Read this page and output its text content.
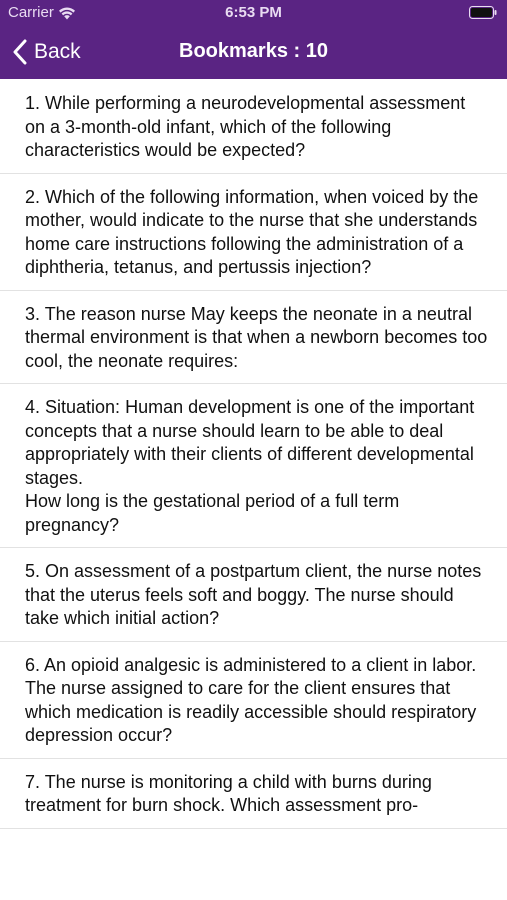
Carrier	6:53 PM
Back	Bookmarks : 10
1. While performing a neurodevelopmental assessment on a 3-month-old infant, which of the following characteristics would be expected?
2. Which of the following information, when voiced by the mother, would indicate to the nurse that she understands home care instructions following the administration of a diphtheria, tetanus, and pertussis injection?
3. The reason nurse May keeps the neonate in a neutral thermal environment is that when a newborn becomes too cool, the neonate requires:
4. Situation: Human development is one of the important concepts that a nurse should learn to be able to deal appropriately with their clients of different developmental stages.
How long is the gestational period of a full term pregnancy?
5. On assessment of a postpartum client, the nurse notes that the uterus feels soft and boggy. The nurse should take which initial action?
6. An opioid analgesic is administered to a client in labor. The nurse assigned to care for the client ensures that which medication is readily accessible should respiratory depression occur?
7. The nurse is monitoring a child with burns during treatment for burn shock. Which assessment pro-
